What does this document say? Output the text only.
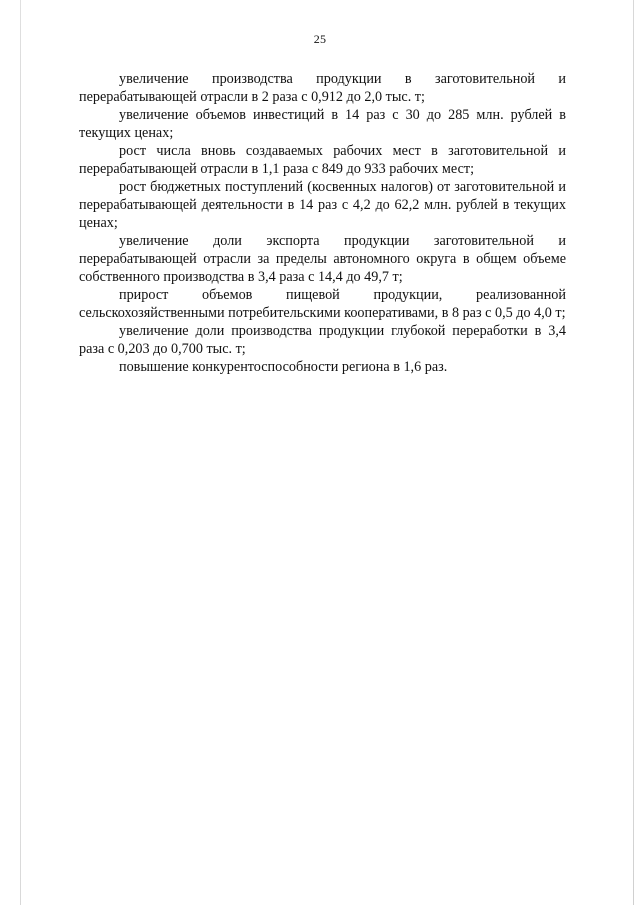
25

увеличение производства продукции в заготовительной и перерабатывающей отрасли в 2 раза с 0,912 до 2,0 тыс. т;

увеличение объемов инвестиций в 14 раз с 30 до 285 млн. рублей в текущих ценах;

рост числа вновь создаваемых рабочих мест в заготовительной и перерабатывающей отрасли в 1,1 раза с 849 до 933 рабочих мест;

рост бюджетных поступлений (косвенных налогов) от заготовительной и перерабатывающей деятельности в 14 раз с 4,2 до 62,2 млн. рублей в текущих ценах;

увеличение доли экспорта продукции заготовительной и перерабатывающей отрасли за пределы автономного округа в общем объеме собственного производства в 3,4 раза с 14,4 до 49,7 т;

прирост объемов пищевой продукции, реализованной сельскохозяйственными потребительскими кооперативами, в 8 раз с 0,5 до 4,0 т;

увеличение доли производства продукции глубокой переработки в 3,4 раза с 0,203 до 0,700 тыс. т;

повышение конкурентоспособности региона в 1,6 раз.
